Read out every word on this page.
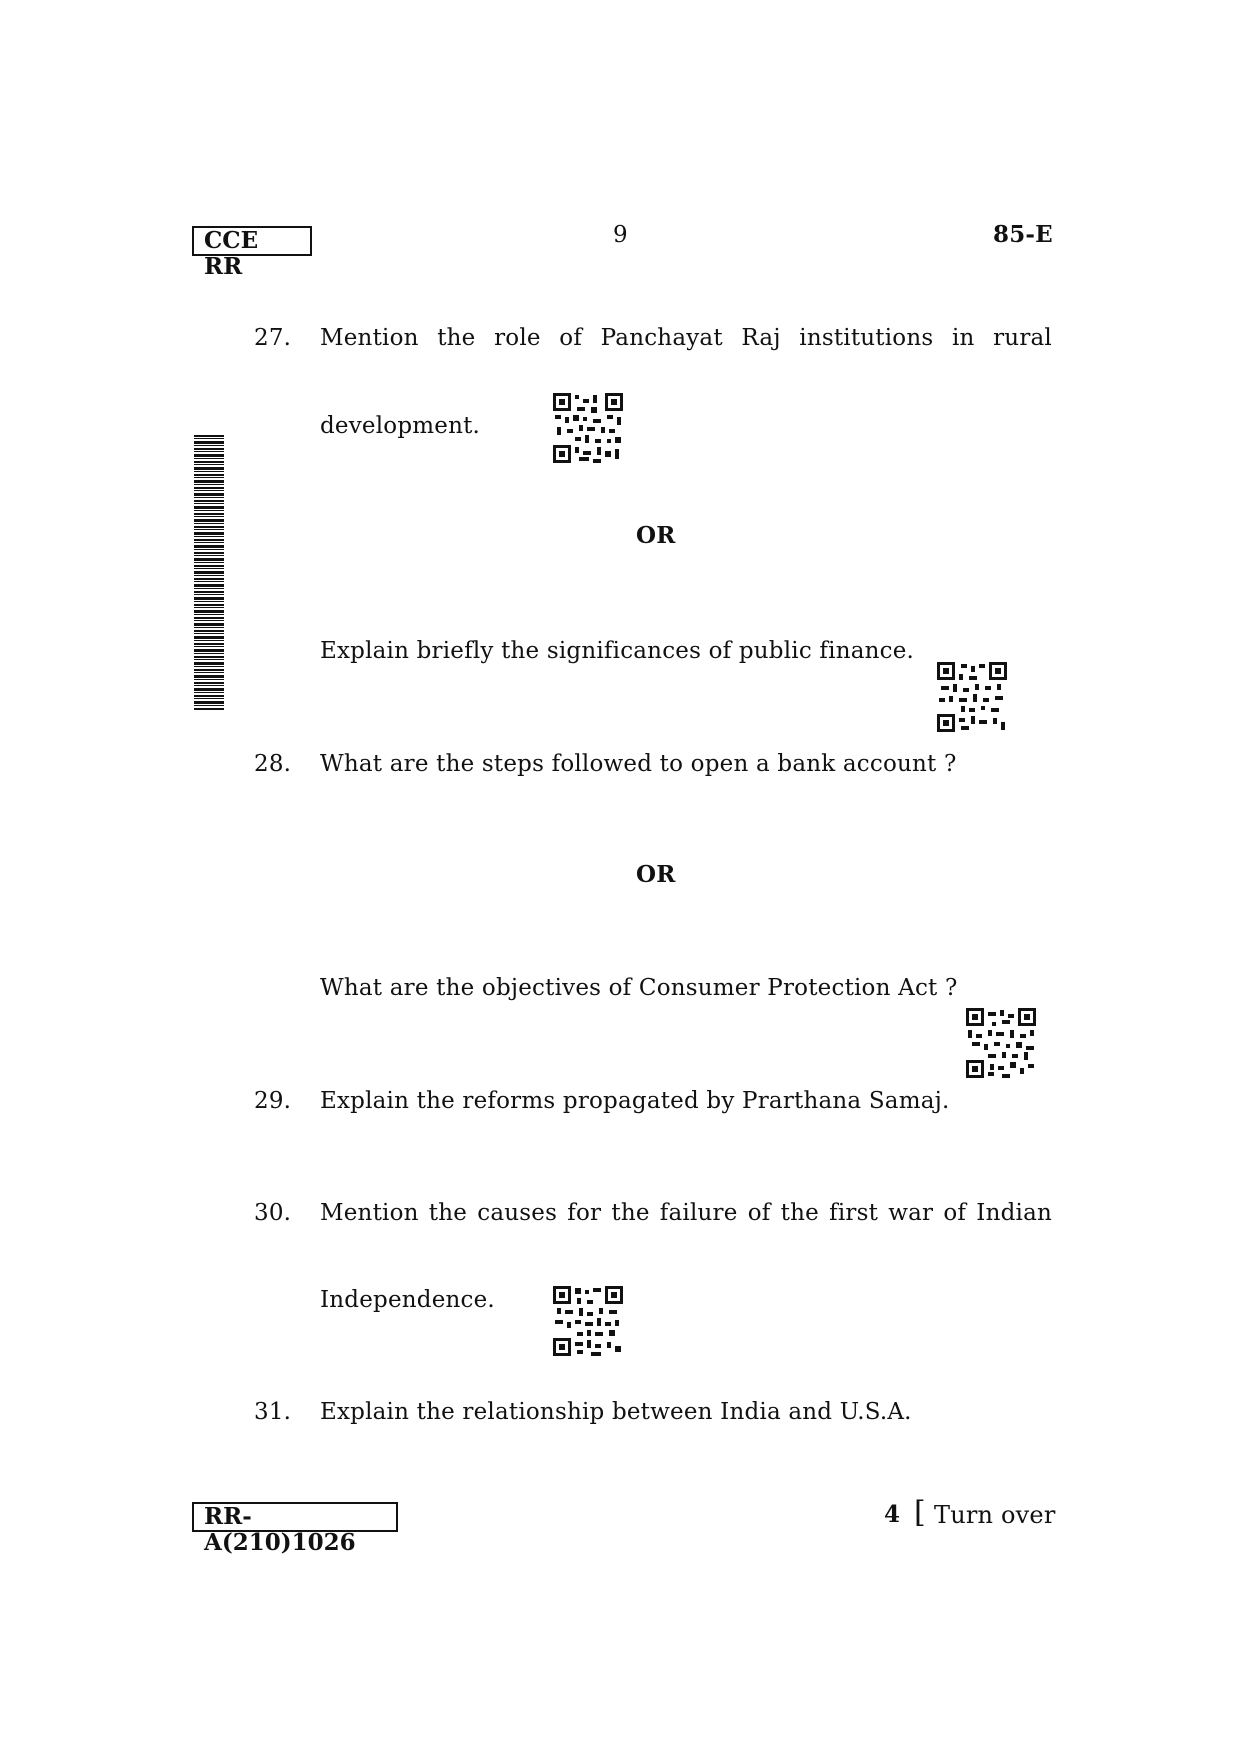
CCE RR
9	85-E
27. Mention the role of Panchayat Raj institutions in rural
development.
OR
Explain briefly the significances of public finance.
28. What are the steps followed to open a bank account ?
OR
What are the objectives of Consumer Protection Act ?
29. Explain the reforms propagated by Prarthana Samaj.
30. Mention the causes for the failure of the first war of Indian
Independence.
31. Explain the relationship between India and U.S.A.
RR-A(210)1026
4 [ Turn over
